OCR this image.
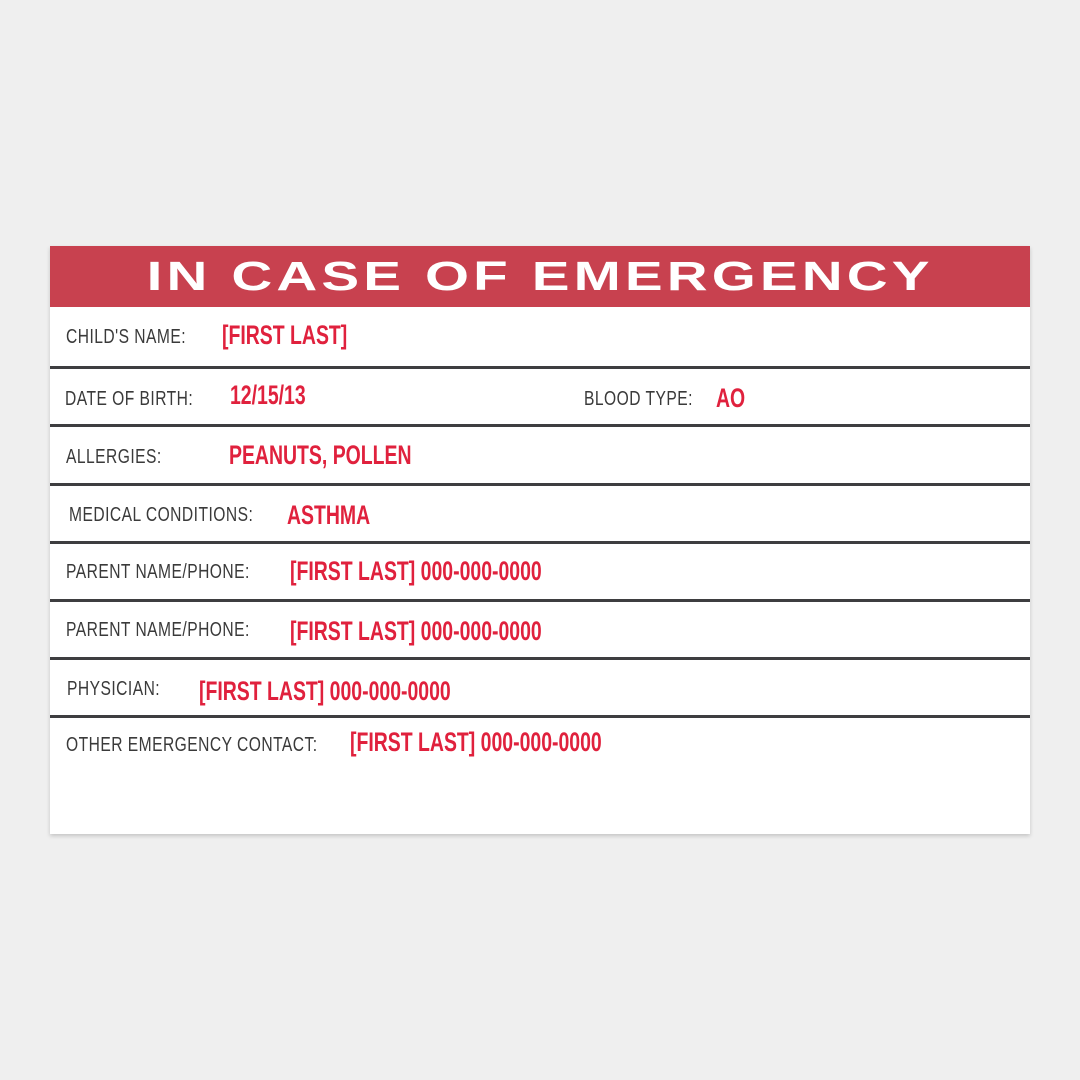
IN CASE OF EMERGENCY
CHILD'S NAME: [FIRST LAST]
DATE OF BIRTH: 12/15/13	BLOOD TYPE: AO
ALLERGIES: PEANUTS, POLLEN
MEDICAL CONDITIONS: ASTHMA
PARENT NAME/PHONE: [FIRST LAST] 000-000-0000
PARENT NAME/PHONE: [FIRST LAST] 000-000-0000
PHYSICIAN: [FIRST LAST] 000-000-0000
OTHER EMERGENCY CONTACT: [FIRST LAST] 000-000-0000
